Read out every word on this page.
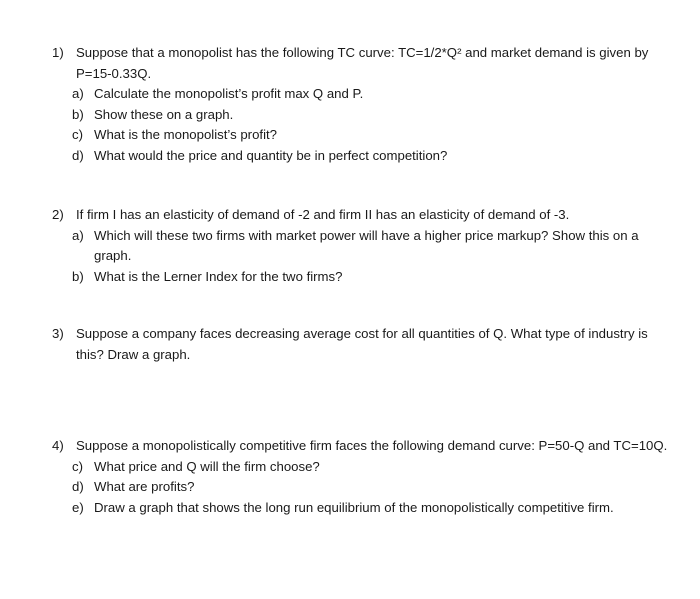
1) Suppose that a monopolist has the following TC curve: TC=1/2*Q² and market demand is given by P=15-0.33Q.
a) Calculate the monopolist’s profit max Q and P.
b) Show these on a graph.
c) What is the monopolist’s profit?
d) What would the price and quantity be in perfect competition?
2) If firm I has an elasticity of demand of -2 and firm II has an elasticity of demand of -3.
a) Which will these two firms with market power will have a higher price markup? Show this on a graph.
b) What is the Lerner Index for the two firms?
3) Suppose a company faces decreasing average cost for all quantities of Q. What type of industry is this? Draw a graph.
4) Suppose a monopolistically competitive firm faces the following demand curve: P=50-Q and TC=10Q.
c) What price and Q will the firm choose?
d) What are profits?
e) Draw a graph that shows the long run equilibrium of the monopolistically competitive firm.
